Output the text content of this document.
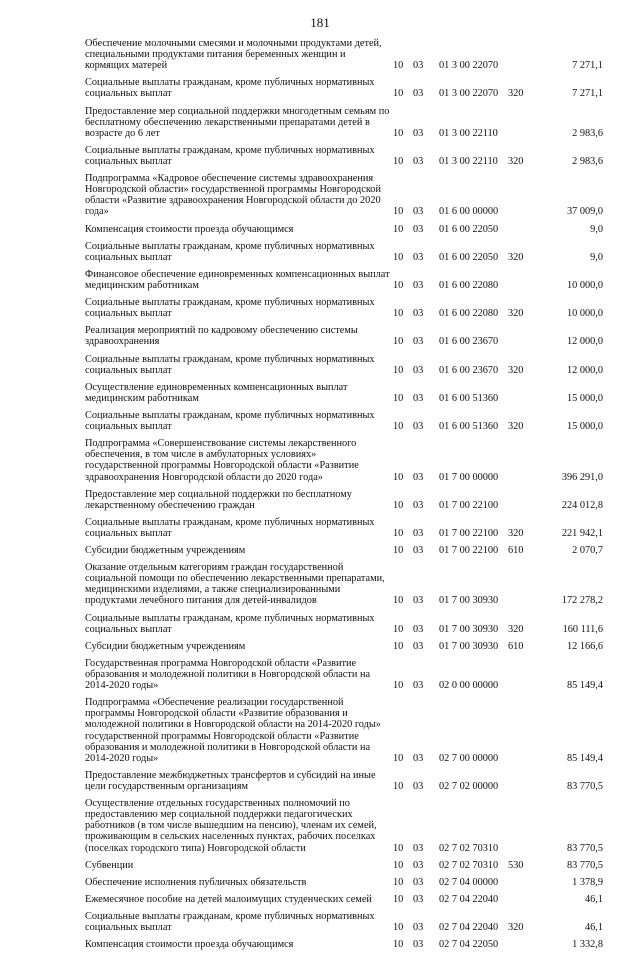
181
Обеспечение молочными смесями и молочными продуктами детей, специальными продуктами питания беременных женщин и кормящих матерей	10 03 01 3 00 22070	7 271,1
Социальные выплаты гражданам, кроме публичных нормативных социальных выплат	10 03 01 3 00 22070 320	7 271,1
Предоставление мер социальной поддержки многодетным семьям по бесплатному обеспечению лекарственными препаратами детей в возрасте до 6 лет	10 03 01 3 00 22110	2 983,6
Социальные выплаты гражданам, кроме публичных нормативных социальных выплат	10 03 01 3 00 22110 320	2 983,6
Подпрограмма «Кадровое обеспечение системы здравоохранения Новгородской области» государственной программы Новгородской области «Развитие здравоохранения Новгородской области до 2020 года»	10 03 01 6 00 00000	37 009,0
Компенсация стоимости проезда обучающимся	10 03 01 6 00 22050	9,0
Социальные выплаты гражданам, кроме публичных нормативных социальных выплат	10 03 01 6 00 22050 320	9,0
Финансовое обеспечение единовременных компенсационных выплат медицинским работникам	10 03 01 6 00 22080	10 000,0
Социальные выплаты гражданам, кроме публичных нормативных социальных выплат	10 03 01 6 00 22080 320	10 000,0
Реализация мероприятий по кадровому обеспечению системы здравоохранения	10 03 01 6 00 23670	12 000,0
Социальные выплаты гражданам, кроме публичных нормативных социальных выплат	10 03 01 6 00 23670 320	12 000,0
Осуществление единовременных компенсационных выплат медицинским работникам	10 03 01 6 00 51360	15 000,0
Социальные выплаты гражданам, кроме публичных нормативных социальных выплат	10 03 01 6 00 51360 320	15 000,0
Подпрограмма «Совершенствование системы лекарственного обеспечения, в том числе в амбулаторных условиях» государственной программы Новгородской области «Развитие здравоохранения Новгородской области до 2020 года»	10 03 01 7 00 00000	396 291,0
Предоставление мер социальной поддержки по бесплатному лекарственному обеспечению граждан	10 03 01 7 00 22100	224 012,8
Социальные выплаты гражданам, кроме публичных нормативных социальных выплат	10 03 01 7 00 22100 320	221 942,1
Субсидии бюджетным учреждениям	10 03 01 7 00 22100 610	2 070,7
Оказание отдельным категориям граждан государственной социальной помощи по обеспечению лекарственными препаратами, медицинскими изделиями, а также специализированными продуктами лечебного питания для детей-инвалидов	10 03 01 7 00 30930	172 278,2
Социальные выплаты гражданам, кроме публичных нормативных социальных выплат	10 03 01 7 00 30930 320	160 111,6
Субсидии бюджетным учреждениям	10 03 01 7 00 30930 610	12 166,6
Государственная программа Новгородской области «Развитие образования и молодежной политики в Новгородской области на 2014-2020 годы»	10 03 02 0 00 00000	85 149,4
Подпрограмма «Обеспечение реализации государственной программы Новгородской области «Развитие образования и молодежной политики в Новгородской области на 2014-2020 годы» государственной программы Новгородской области «Развитие образования и молодежной политики в Новгородской области на 2014-2020 годы»	10 03 02 7 00 00000	85 149,4
Предоставление межбюджетных трансфертов и субсидий на иные цели государственным организациям	10 03 02 7 02 00000	83 770,5
Осуществление отдельных государственных полномочий по предоставлению мер социальной поддержки педагогических работников (в том числе вышедшим на пенсию), членам их семей, проживающим в сельских населенных пунктах, рабочих поселках (поселках городского типа) Новгородской области	10 03 02 7 02 70310	83 770,5
Субвенции	10 03 02 7 02 70310 530	83 770,5
Обеспечение исполнения публичных обязательств	10 03 02 7 04 00000	1 378,9
Ежемесячное пособие на детей малоимущих студенческих семей	10 03 02 7 04 22040	46,1
Социальные выплаты гражданам, кроме публичных нормативных социальных выплат	10 03 02 7 04 22040 320	46,1
Компенсация стоимости проезда обучающимся	10 03 02 7 04 22050	1 332,8
